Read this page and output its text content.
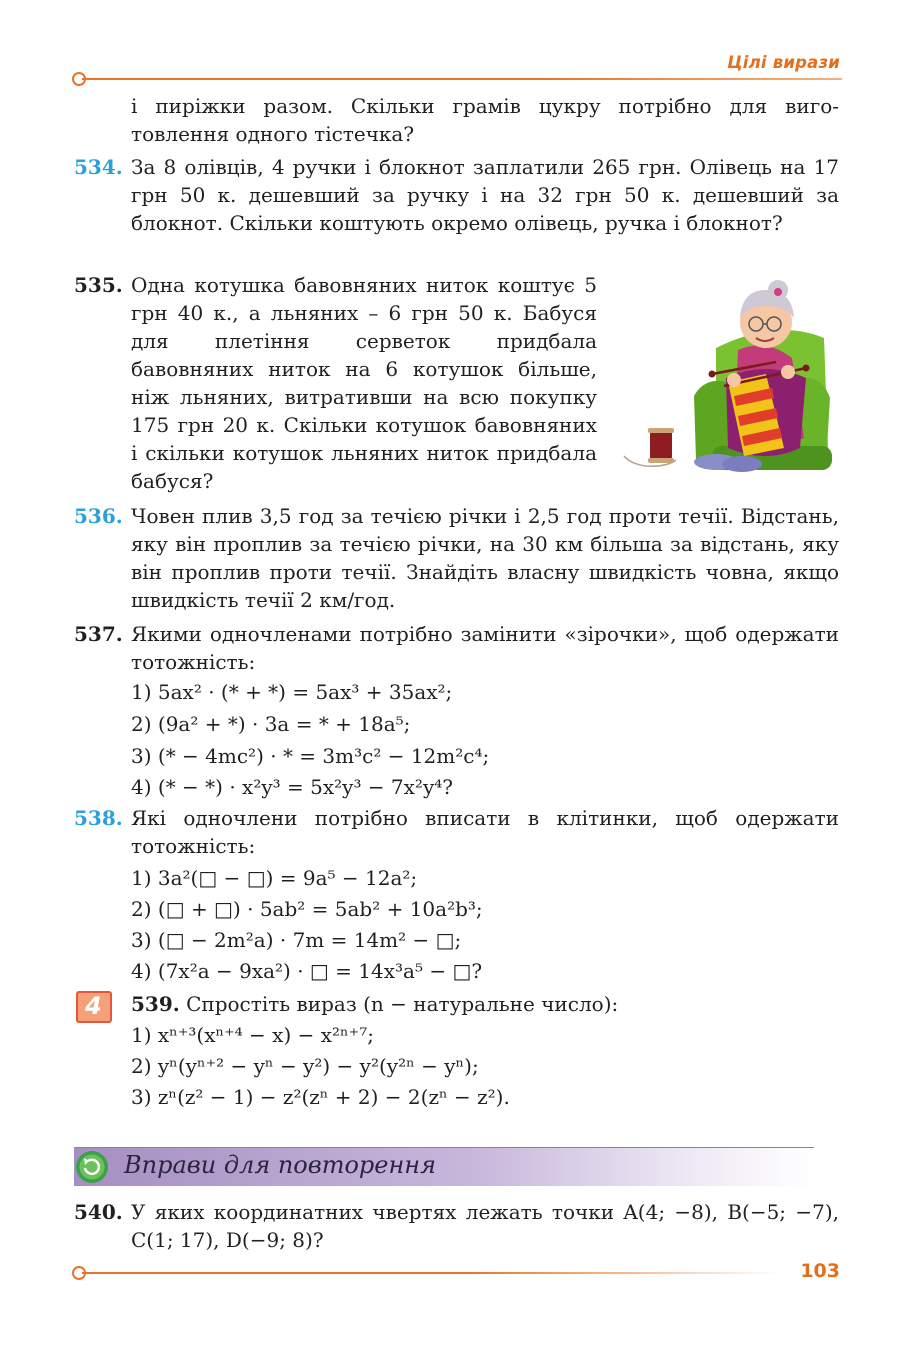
Цілі вирази
і пиріжки разом. Скільки грамів цукру потрібно для виго-
товлення одного тістечка?
534. За 8 олівців, 4 ручки і блокнот заплатили 265 грн. Олівець на 17 грн 50 к. дешевший за ручку і на 32 грн 50 к. дешевший за блокнот. Скільки коштують окремо олівець, ручка і блокнот?
535. Одна котушка бавовняних ниток коштує 5 грн 40 к., а льняних – 6 грн 50 к. Бабуся для плетіння серветок придбала бавовняних ниток на 6 котушок більше, ніж льняних, витративши на всю покупку 175 грн 20 к. Скільки котушок бавовняних і скільки котушок льняних ниток придбала бабуся?
536. Човен плив 3,5 год за течією річки і 2,5 год проти течії. Відстань, яку він проплив за течією річки, на 30 км більша за відстань, яку він проплив проти течії. Знайдіть власну швидкість човна, якщо швидкість течії 2 км/год.
537. Якими одночленами потрібно замінити «зірочки», щоб одержати тотожність:
1) 5ax² · (* + *) = 5ax³ + 35ax²;
2) (9a² + *) · 3a = * + 18a⁵;
3) (* − 4mc²) · * = 3m³c² − 12m²c⁴;
4) (* − *) · x²y³ = 5x²y³ − 7x²y⁴?
538. Які одночлени потрібно вписати в клітинки, щоб одержати тотожність:
1) 3a²(□ − □) = 9a⁵ − 12a²;
2) (□ + □) · 5ab² = 5ab² + 10a²b³;
3) (□ − 2m²a) · 7m = 14m² − □;
4) (7x²a − 9xa²) · □ = 14x³a⁵ − □?
4 539. Спростіть вираз (n − натуральне число):
1) xⁿ⁺³(xⁿ⁺⁴ − x) − x²ⁿ⁺⁷;
2) yⁿ(yⁿ⁺² − yⁿ − y²) − y²(y²ⁿ − yⁿ);
3) zⁿ(z² − 1) − z²(zⁿ + 2) − 2(zⁿ − z²).
Вправи для повторення
540. У яких координатних чвертях лежать точки A(4; −8), B(−5; −7), C(1; 17), D(−9; 8)?
103
